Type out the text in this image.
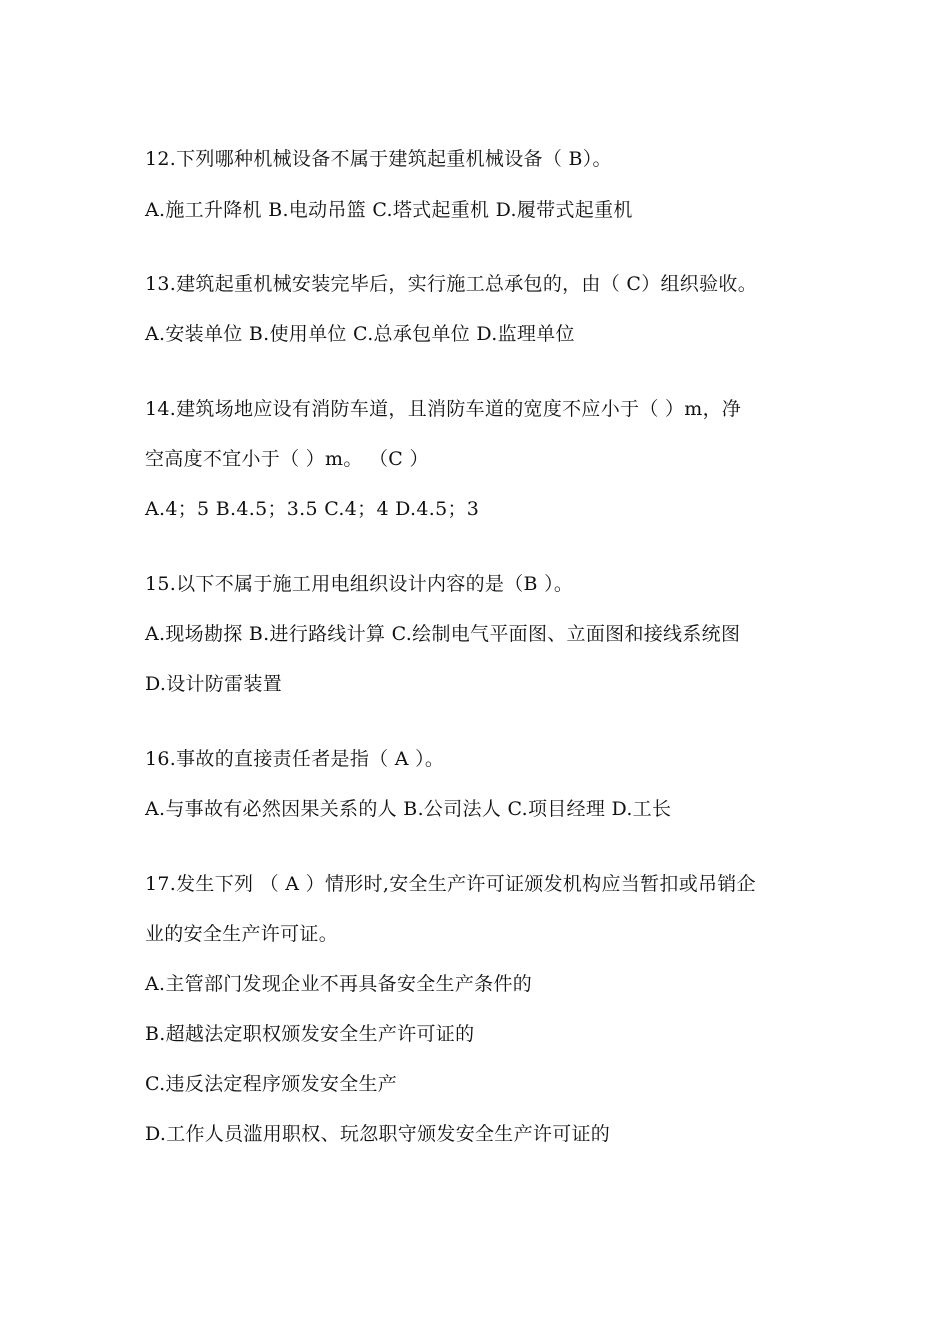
12.下列哪种机械设备不属于建筑起重机械设备（ B）。
A.施工升降机 B.电动吊篮 C.塔式起重机 D.履带式起重机
13.建筑起重机械安装完毕后，实行施工总承包的，由（ C）组织验收。
A.安装单位 B.使用单位 C.总承包单位 D.监理单位
14.建筑场地应设有消防车道，且消防车道的宽度不应小于（ ）m，净
空高度不宜小于（ ）m。 （C ）
A.4；5 B.4.5；3.5 C.4；4 D.4.5；3
15.以下不属于施工用电组织设计内容的是（B ）。
A.现场勘探 B.进行路线计算 C.绘制电气平面图、立面图和接线系统图
D.设计防雷装置
16.事故的直接责任者是指（ A ）。
A.与事故有必然因果关系的人 B.公司法人 C.项目经理 D.工长
17.发生下列 （ A ）情形时,安全生产许可证颁发机构应当暂扣或吊销企
业的安全生产许可证。
A.主管部门发现企业不再具备安全生产条件的
B.超越法定职权颁发安全生产许可证的
C.违反法定程序颁发安全生产
D.工作人员滥用职权、玩忽职守颁发安全生产许可证的
